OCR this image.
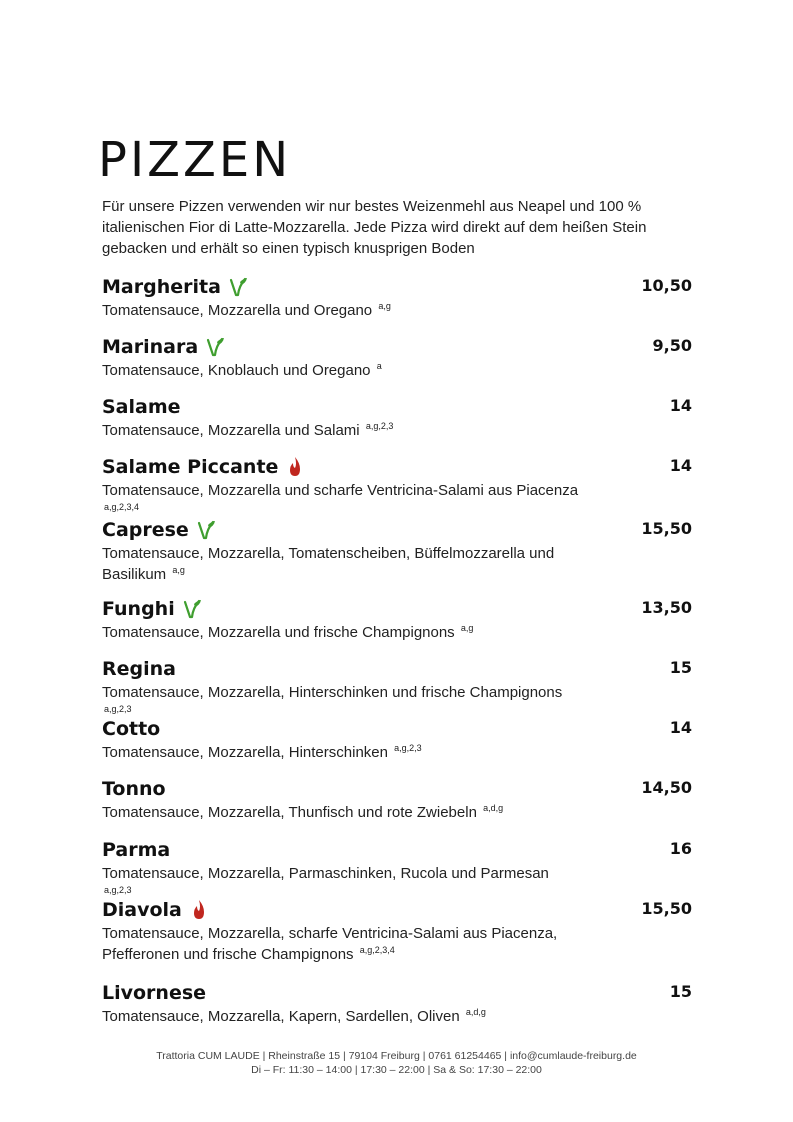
PIZZEN

Für unsere Pizzen verwenden wir nur bestes Weizenmehl aus Neapel und 100 % italienischen Fior di Latte-Mozzarella. Jede Pizza wird direkt auf dem heißen Stein gebacken und erhält so einen typisch knusprigen Boden

Margherita	10,50
Tomatensauce, Mozzarella und Oregano $^{a,g}$
Marinara	9,50
Tomatensauce, Knoblauch und Oregano $^a$
Salame	14
Tomatensauce, Mozzarella und Salami $^{a,g,2,3}$
Salame Piccante	14
Tomatensauce, Mozzarella und scharfe Ventricina-Salami aus Piacenza $^{a,g,2,3,4}$
Caprese	15,50
Tomatensauce, Mozzarella, Tomatenscheiben, Büffelmozzarella und Basilikum $^{a,g}$
Funghi	13,50
Tomatensauce, Mozzarella und frische Champignons $^{a,g}$
Regina	15
Tomatensauce, Mozzarella, Hinterschinken und frische Champignons $^{a,g,2,3}$
Cotto	14
Tomatensauce, Mozzarella, Hinterschinken $^{a,g,2,3}$
Tonno	14,50
Tomatensauce, Mozzarella, Thunfisch und rote Zwiebeln $^{a,d,g}$
Parma	16
Tomatensauce, Mozzarella, Parmaschinken, Rucola und Parmesan $^{a,g,2,3}$
Diavola	15,50
Tomatensauce, Mozzarella, scharfe Ventricina-Salami aus Piacenza, Pfefferonen und frische Champignons $^{a,g,2,3,4}$
Livornese	15
Tomatensauce, Mozzarella, Kapern, Sardellen, Oliven $^{a,d,g}$
Trattoria CUM LAUDE | Rheinstraße 15 | 79104 Freiburg | 0761 61254465 | info@cumlaude-freiburg.de
Di – Fr: 11:30 – 14:00 | 17:30 – 22:00 | Sa & So: 17:30 – 22:00
